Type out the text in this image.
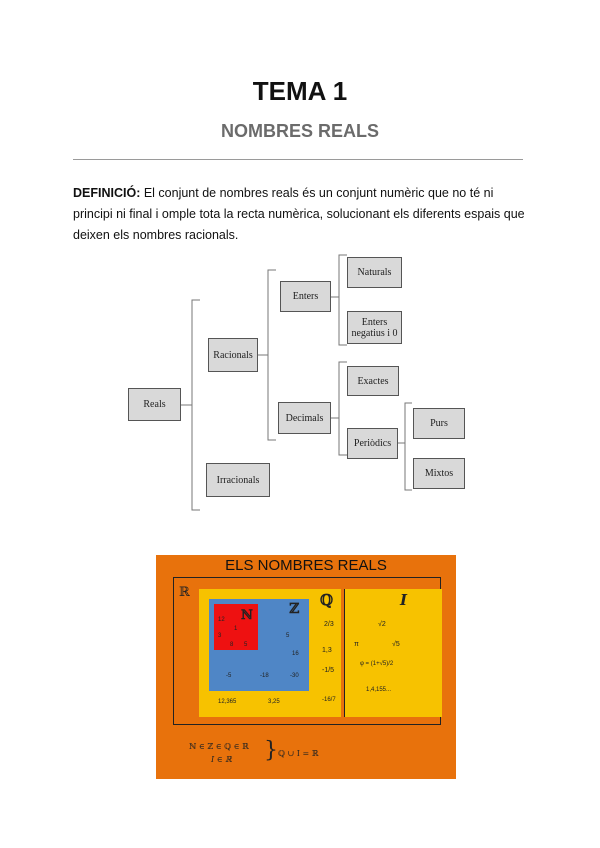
TEMA 1
NOMBRES REALS
DEFINICIÓ: El conjunt de nombres reals és un conjunt numèric que no té ni principi ni final i omple tota la recta numèrica, solucionant els diferents espais que deixen els nombres racionals.
Reals
Racionals
Irracionals
Enters
Decimals
Naturals
Enters negatius i 0
Exactes
Periòdics
Purs
Mixtos
ELS NOMBRES REALS
ℝ	ℚ
ℤ
ℕ
I
12
1
3
8 5
5
16
-5	-18	-30
2/3
1,3
-1/5
12,365	3,25	-16/7
√2
π	√5
φ = (1+√5)/2
1,4,155...
ℕ ∈ ℤ ∈ ℚ ∈ ℝ
I ∈ ℝ } ℚ ∪ I = ℝ
